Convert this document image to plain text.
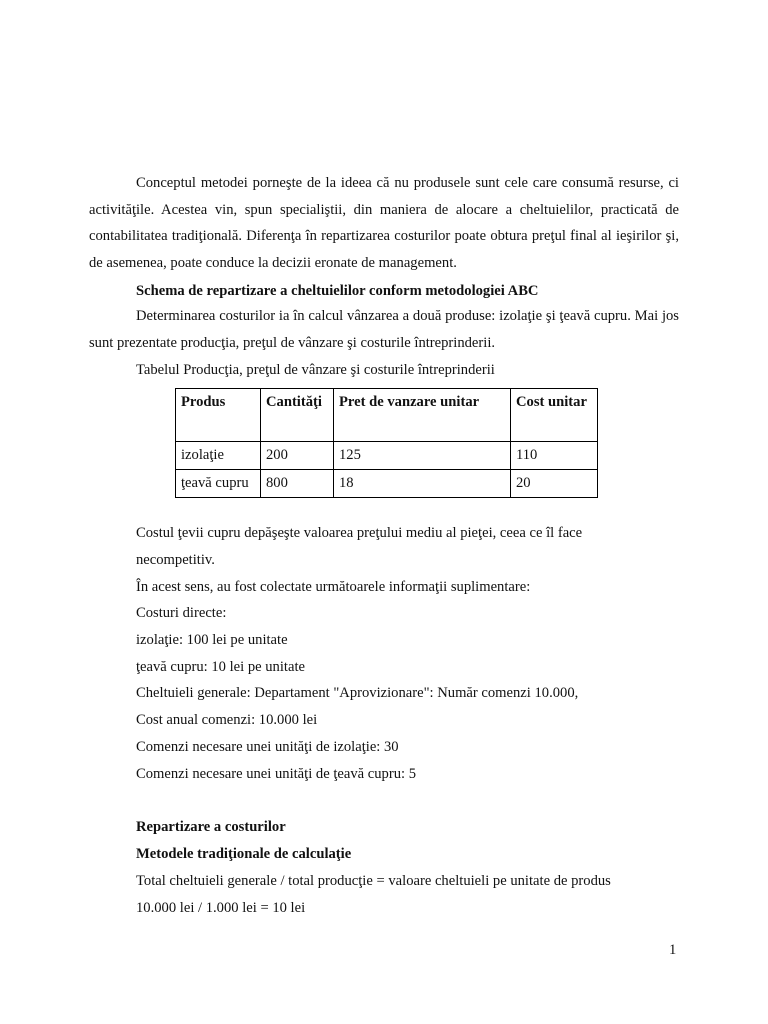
Conceptul metodei porneşte de la ideea că nu produsele sunt cele care consumă resurse, ci activităţile. Acestea vin, spun specialiştii, din maniera de alocare a cheltuielilor, practicată de contabilitatea tradiţională. Diferenţa în repartizarea costurilor poate obtura preţul final al ieşirilor şi, de asemenea, poate conduce la decizii eronate de management.

Schema de repartizare a cheltuielilor conform metodologiei ABC

Determinarea costurilor ia în calcul vânzarea a două produse: izolaţie şi ţeavă cupru. Mai jos sunt prezentate producţia, preţul de vânzare şi costurile întreprinderii.

Tabelul Producţia, preţul de vânzare şi costurile întreprinderii

Produs	Cantităţi	Pret de vanzare unitar	Cost unitar
izolaţie	200	125	110
ţeavă cupru	800	18	20

Costul ţevii cupru depăşeşte valoarea preţului mediu al pieţei, ceea ce îl face

necompetitiv.

În acest sens, au fost colectate următoarele informaţii suplimentare:

Costuri directe:

izolaţie: 100 lei pe unitate

ţeavă cupru: 10 lei pe unitate

Cheltuieli generale: Departament "Aprovizionare": Număr comenzi 10.000,

Cost anual comenzi: 10.000 lei

Comenzi necesare unei unităţi de izolaţie: 30

Comenzi necesare unei unităţi de ţeavă cupru: 5

Repartizare a costurilor

Metodele tradiţionale de calculaţie

Total cheltuieli generale / total producţie = valoare cheltuieli pe unitate de produs

10.000 lei / 1.000 lei = 10 lei

1
